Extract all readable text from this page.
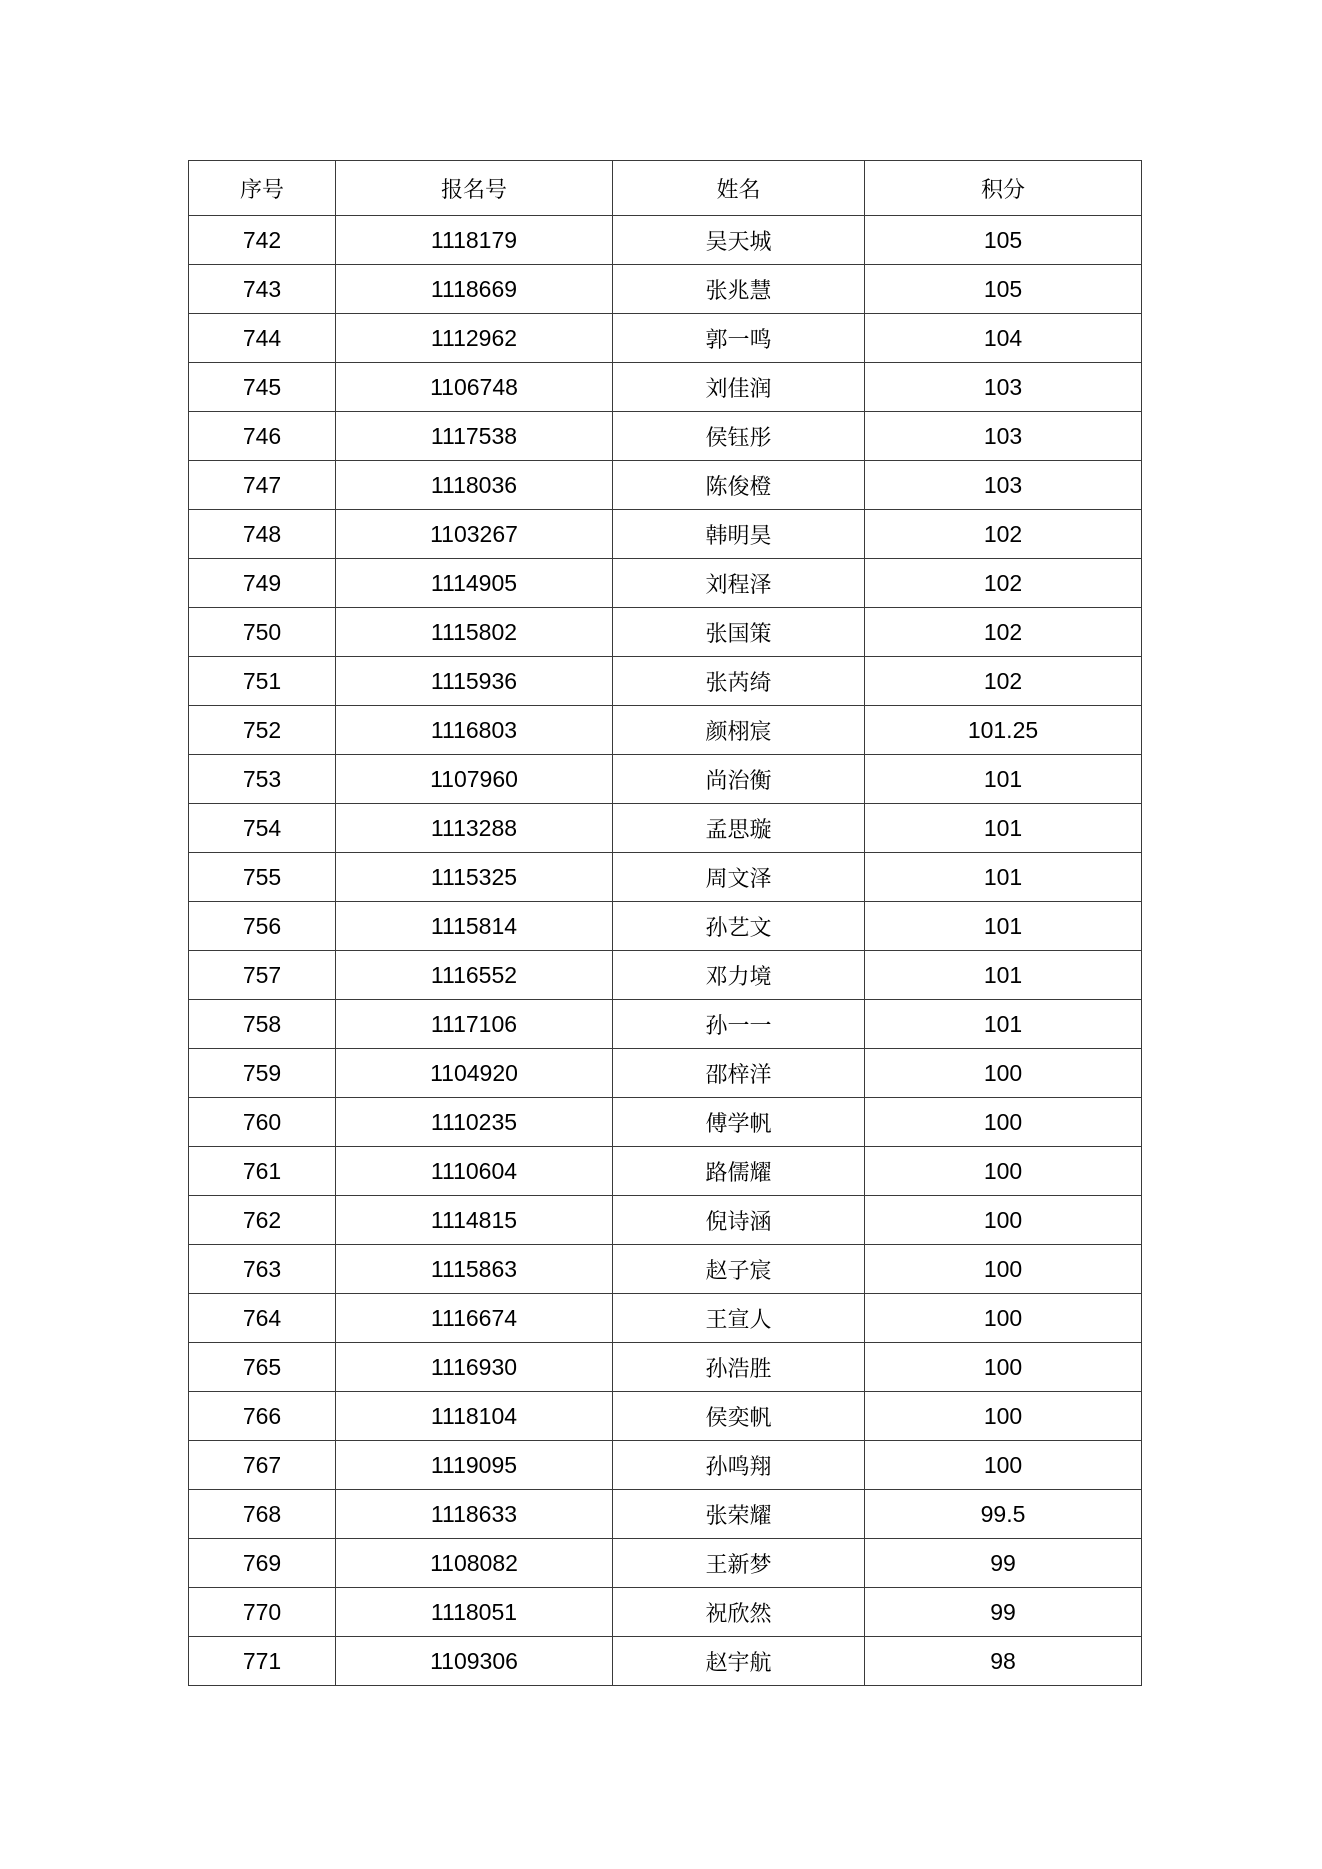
序号	报名号	姓名	积分
742	1118179	吴天城	105
743	1118669	张兆慧	105
744	1112962	郭一鸣	104
745	1106748	刘佳润	103
746	1117538	侯钰彤	103
747	1118036	陈俊橙	103
748	1103267	韩明昊	102
749	1114905	刘程泽	102
750	1115802	张国策	102
751	1115936	张芮绮	102
752	1116803	颜栩宸	101.25
753	1107960	尚治衡	101
754	1113288	孟思璇	101
755	1115325	周文泽	101
756	1115814	孙艺文	101
757	1116552	邓力境	101
758	1117106	孙一一	101
759	1104920	邵梓洋	100
760	1110235	傅学帆	100
761	1110604	路儒耀	100
762	1114815	倪诗涵	100
763	1115863	赵子宸	100
764	1116674	王宣人	100
765	1116930	孙浩胜	100
766	1118104	侯奕帆	100
767	1119095	孙鸣翔	100
768	1118633	张荣耀	99.5
769	1108082	王新梦	99
770	1118051	祝欣然	99
771	1109306	赵宇航	98
